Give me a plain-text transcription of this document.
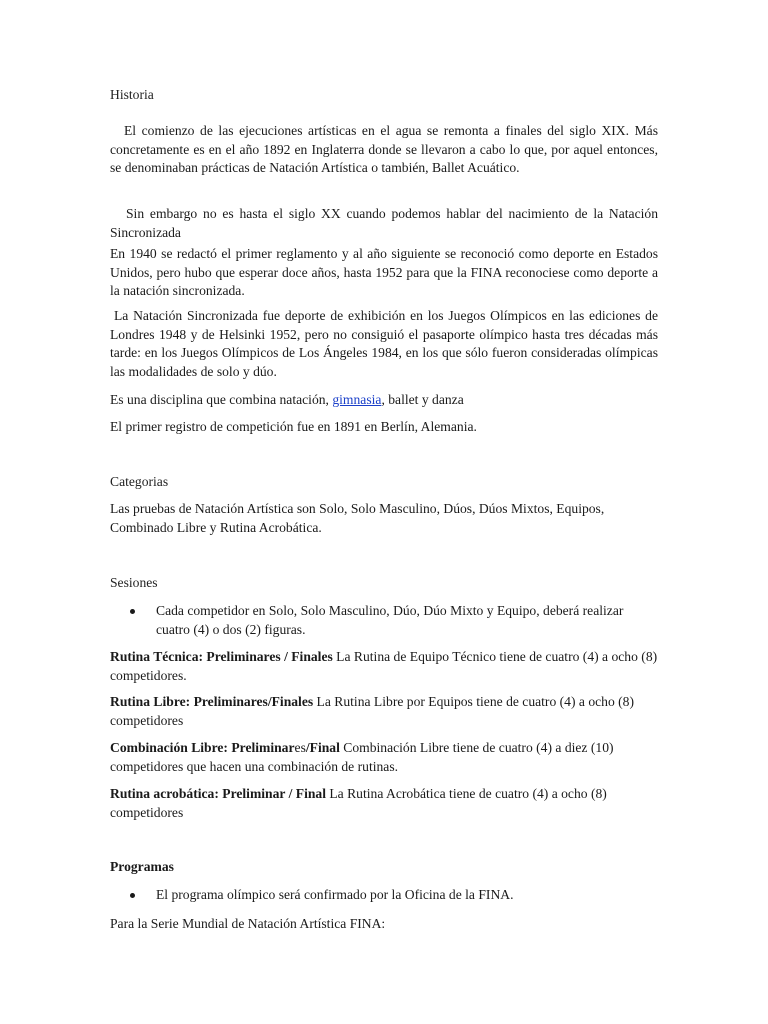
Historia

El comienzo de las ejecuciones artísticas en el agua se remonta a finales del siglo XIX. Más concretamente es en el año 1892 en Inglaterra donde se llevaron a cabo lo que, por aquel entonces, se denominaban prácticas de Natación Artística o también, Ballet Acuático.

Sin embargo no es hasta el siglo XX cuando podemos hablar del nacimiento de la Natación Sincronizada

En 1940 se redactó el primer reglamento y al año siguiente se reconoció como deporte en Estados Unidos, pero hubo que esperar doce años, hasta 1952 para que la FINA reconociese como deporte a la natación sincronizada.

La Natación Sincronizada fue deporte de exhibición en los Juegos Olímpicos en las ediciones de Londres 1948 y de Helsinki 1952, pero no consiguió el pasaporte olímpico hasta tres décadas más tarde: en los Juegos Olímpicos de Los Ángeles 1984, en los que sólo fueron consideradas olímpicas las modalidades de solo y dúo.

Es una disciplina que combina natación, gimnasia, ballet y danza

El primer registro de competición fue en 1891 en Berlín, Alemania.

Categorias

Las pruebas de Natación Artística son Solo, Solo Masculino, Dúos, Dúos Mixtos, Equipos, Combinado Libre y Rutina Acrobática.

Sesiones

Cada competidor en Solo, Solo Masculino, Dúo, Dúo Mixto y Equipo, deberá realizar cuatro (4) o dos (2) figuras.

Rutina Técnica: Preliminares / Finales La Rutina de Equipo Técnico tiene de cuatro (4) a ocho (8) competidores.

Rutina Libre: Preliminares/Finales La Rutina Libre por Equipos tiene de cuatro (4) a ocho (8) competidores

Combinación Libre: Preliminares/Final Combinación Libre tiene de cuatro (4) a diez (10) competidores que hacen una combinación de rutinas.

Rutina acrobática: Preliminar / Final La Rutina Acrobática tiene de cuatro (4) a ocho (8) competidores

Programas

El programa olímpico será confirmado por la Oficina de la FINA.

Para la Serie Mundial de Natación Artística FINA:
